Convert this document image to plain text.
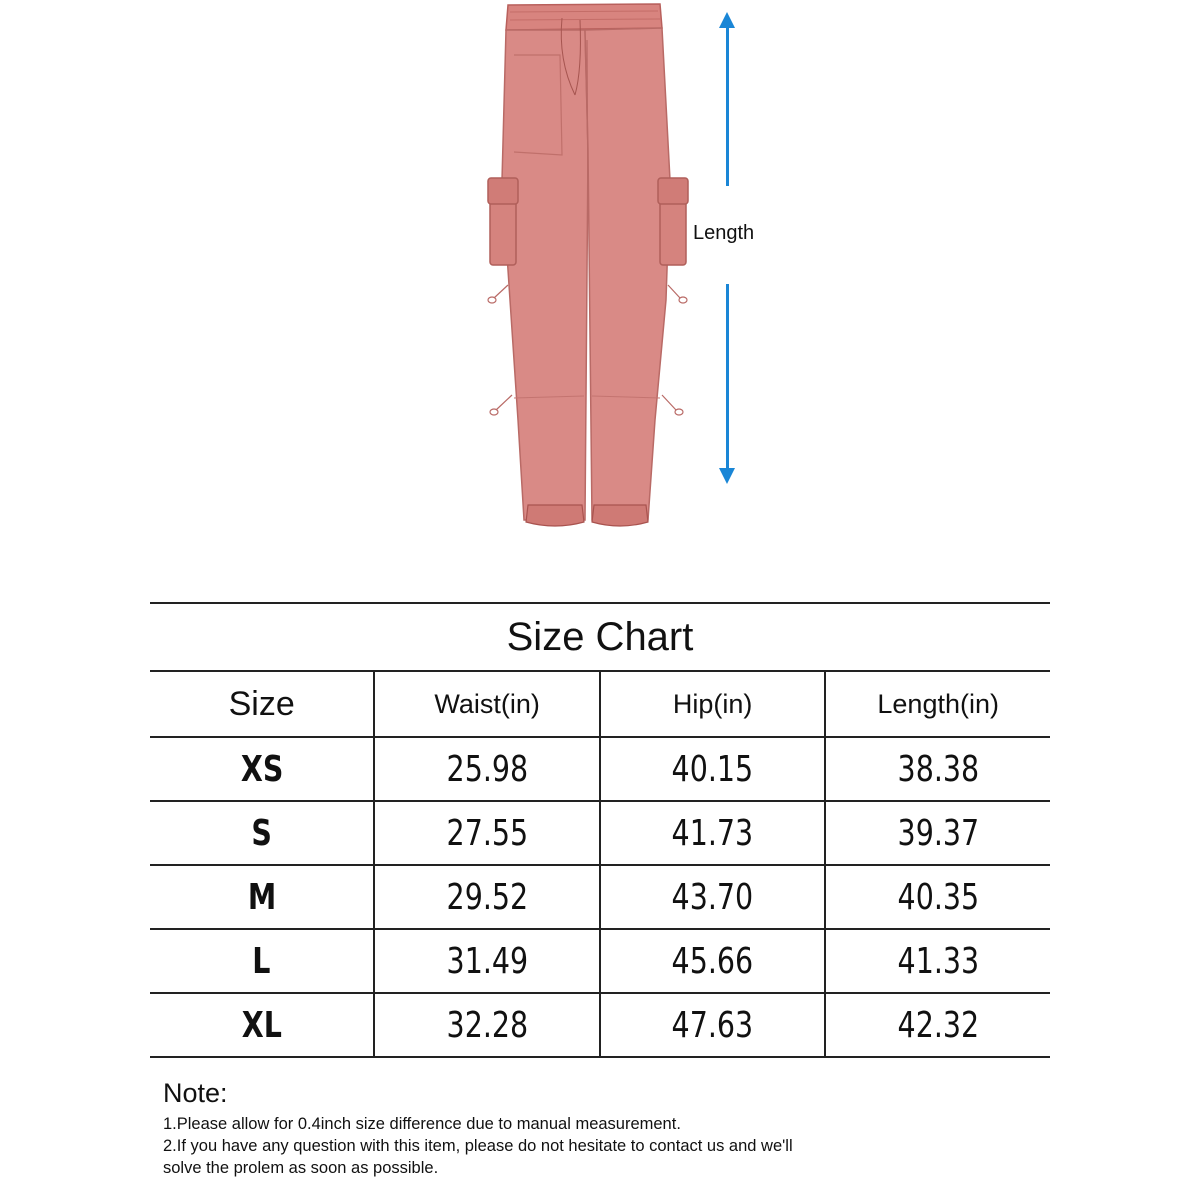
Length
Size Chart			
Size	Waist(in)	Hip(in)	Length(in)
XS	25.98	40.15	38.38
S	27.55	41.73	39.37
M	29.52	43.70	40.35
L	31.49	45.66	41.33
XL	32.28	47.63	42.32
Note:
1.Please allow for 0.4inch size difference due to manual measurement.
2.If you have any question with this item, please do not hesitate to contact us and we'll
solve the prolem as soon as possible.
